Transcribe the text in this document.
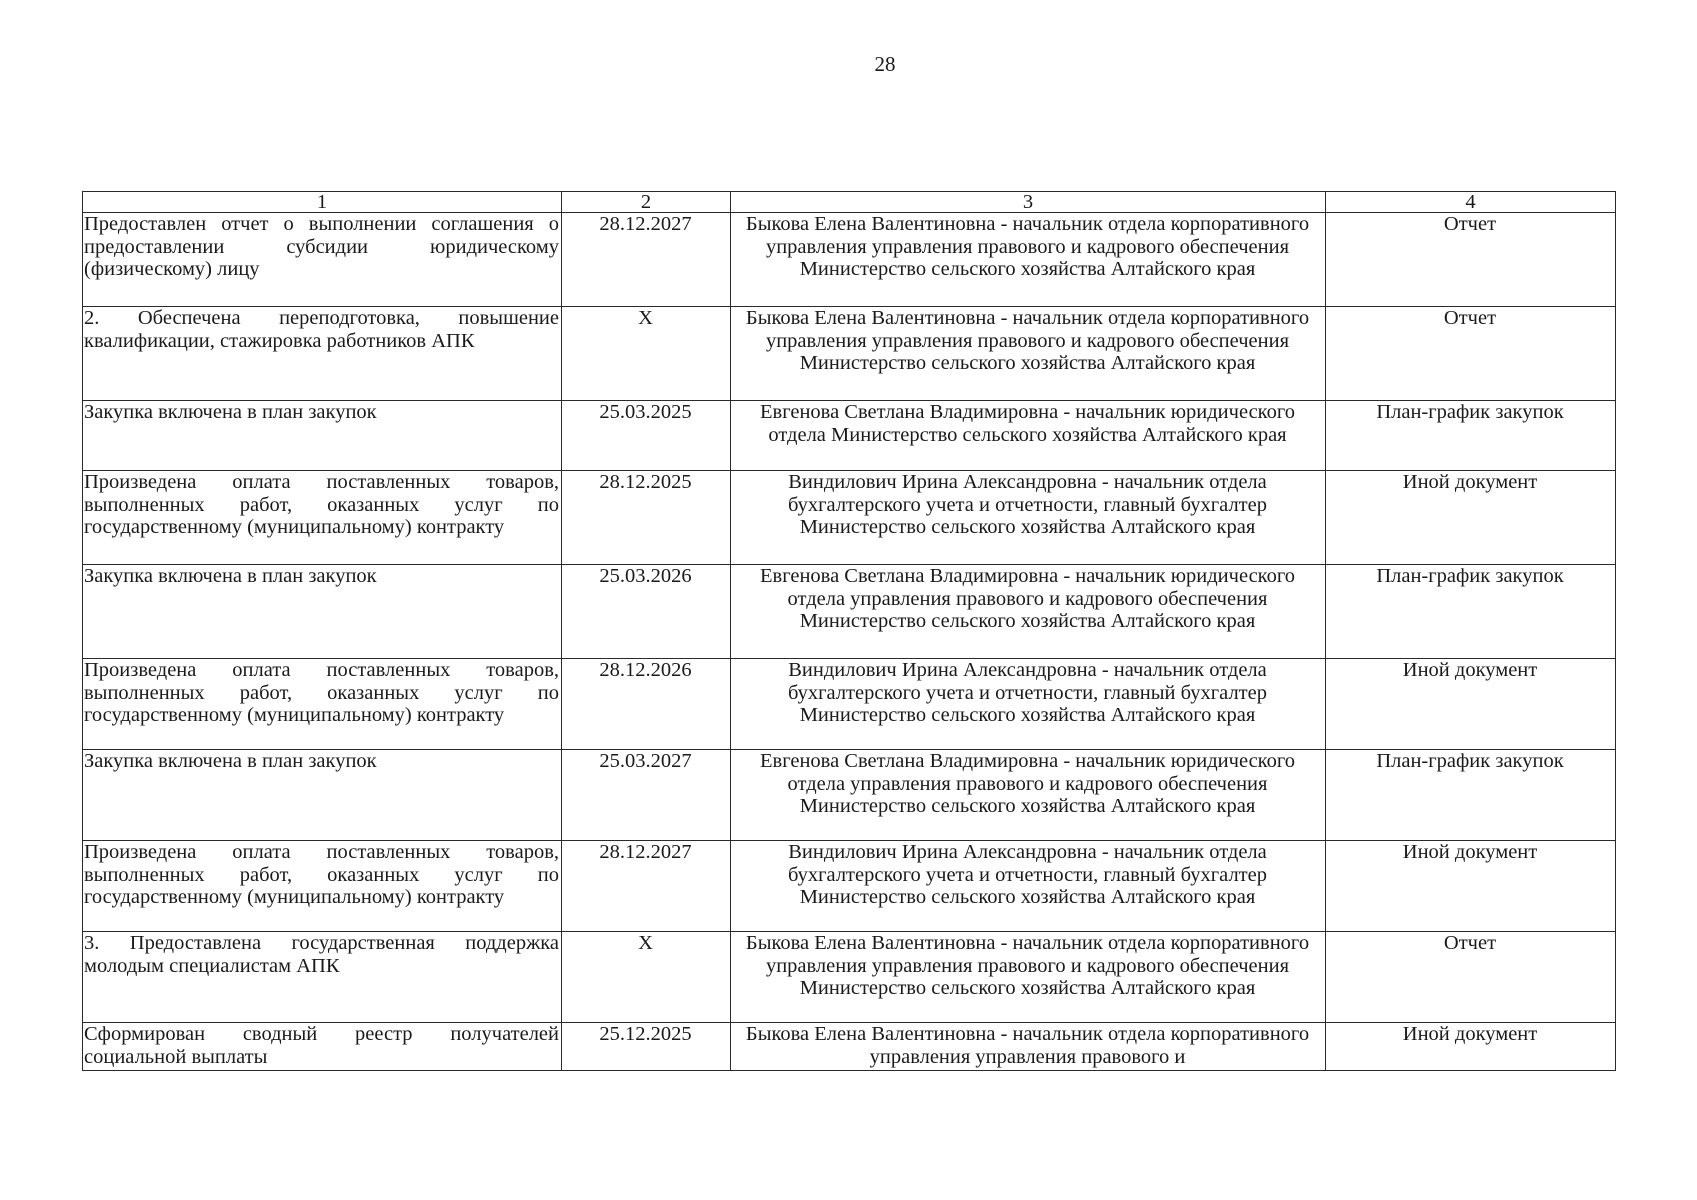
28
1	2	3	4
Предоставлен отчет о выполнении соглашения о предоставлении субсидии юридическому (физическому) лицу	28.12.2027	Быкова Елена Валентиновна - начальник отдела корпоративного управления управления правового и кадрового обеспечения Министерство сельского хозяйства Алтайского края	Отчет
2. Обеспечена переподготовка, повышение квалификации, стажировка работников АПК	X	Быкова Елена Валентиновна - начальник отдела корпоративного управления управления правового и кадрового обеспечения Министерство сельского хозяйства Алтайского края	Отчет
Закупка включена в план закупок	25.03.2025	Евгенова Светлана Владимировна - начальник юридического отдела Министерство сельского хозяйства Алтайского края	План-график закупок
Произведена оплата поставленных товаров, выполненных работ, оказанных услуг по государственному (муниципальному) контракту	28.12.2025	Виндилович Ирина Александровна - начальник отдела бухгалтерского учета и отчетности, главный бухгалтер Министерство сельского хозяйства Алтайского края	Иной документ
Закупка включена в план закупок	25.03.2026	Евгенова Светлана Владимировна - начальник юридического отдела управления правового и кадрового обеспечения Министерство сельского хозяйства Алтайского края	План-график закупок
Произведена оплата поставленных товаров, выполненных работ, оказанных услуг по государственному (муниципальному) контракту	28.12.2026	Виндилович Ирина Александровна - начальник отдела бухгалтерского учета и отчетности, главный бухгалтер Министерство сельского хозяйства Алтайского края	Иной документ
Закупка включена в план закупок	25.03.2027	Евгенова Светлана Владимировна - начальник юридического отдела управления правового и кадрового обеспечения Министерство сельского хозяйства Алтайского края	План-график закупок
Произведена оплата поставленных товаров, выполненных работ, оказанных услуг по государственному (муниципальному) контракту	28.12.2027	Виндилович Ирина Александровна - начальник отдела бухгалтерского учета и отчетности, главный бухгалтер Министерство сельского хозяйства Алтайского края	Иной документ
3. Предоставлена государственная поддержка молодым специалистам АПК	X	Быкова Елена Валентиновна - начальник отдела корпоративного управления управления правового и кадрового обеспечения Министерство сельского хозяйства Алтайского края	Отчет
Сформирован сводный реестр получателей социальной выплаты	25.12.2025	Быкова Елена Валентиновна - начальник отдела корпоративного управления управления правового и	Иной документ
